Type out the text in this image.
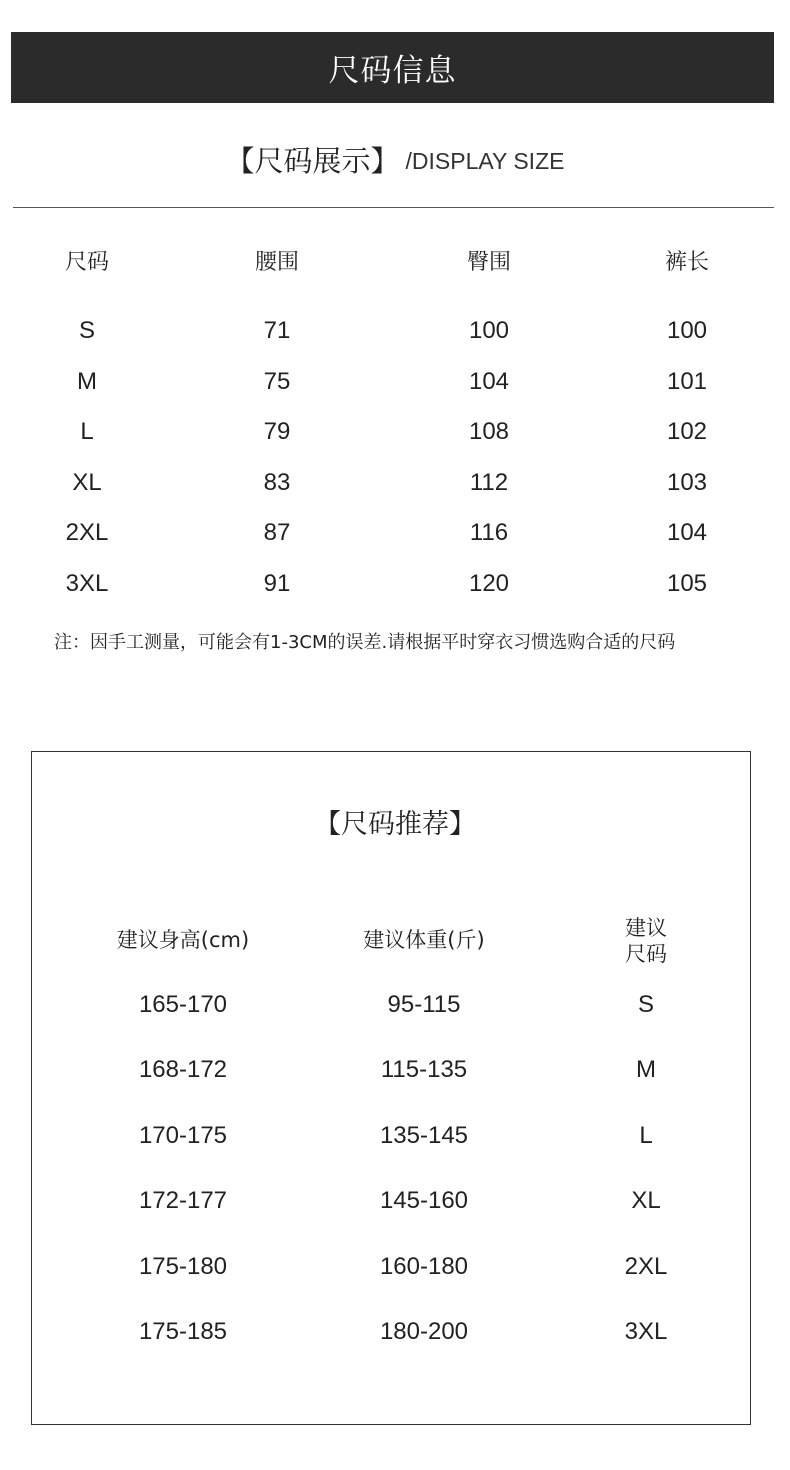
尺码信息
【尺码展示】 /DISPLAY SIZE
尺码	腰围	臀围	裤长
S	71	100	100
M	75	104	101
L	79	108	102
XL	83	112	103
2XL	87	116	104
3XL	91	120	105
注：因手工测量，可能会有1-3CM的误差.请根据平时穿衣习惯选购合适的尺码
【尺码推荐】
建议身高(cm)	建议体重(斤)	建议尺码
165-170	95-115	S
168-172	115-135	M
170-175	135-145	L
172-177	145-160	XL
175-180	160-180	2XL
175-185	180-200	3XL
